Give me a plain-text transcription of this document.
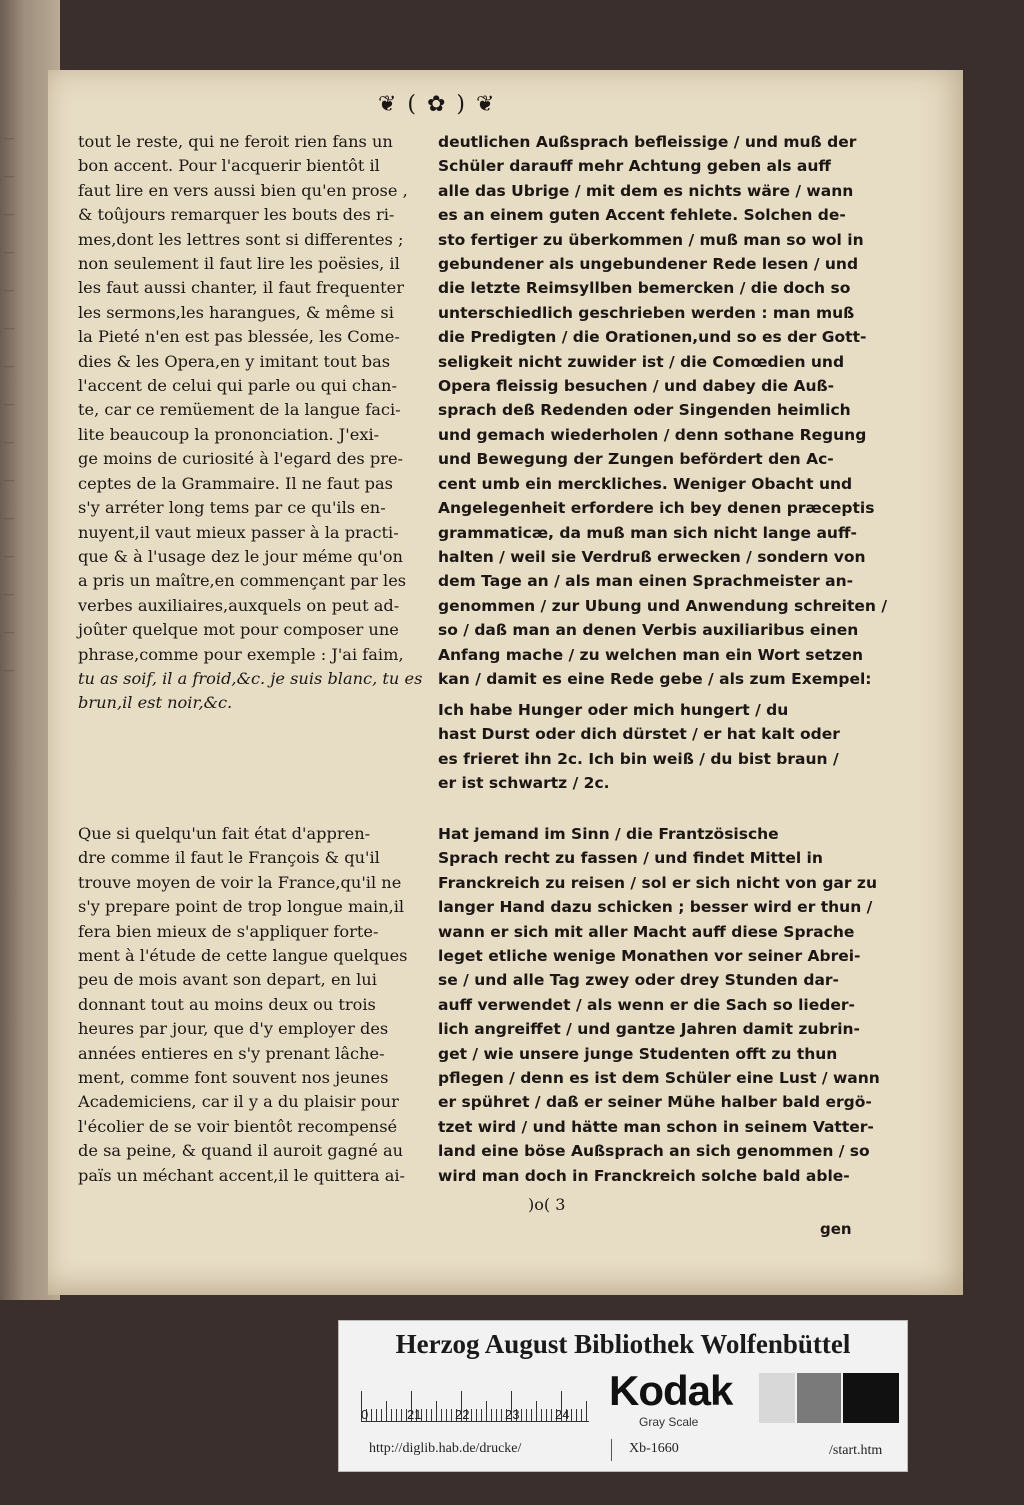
—
—
—
—
—
—
—
—
—
—
—
—
—
—
—
❦ ( ✿ ) ❦

tout le reste, qui ne feroit rien fans un

bon accent. Pour l'acquerir bientôt il

faut lire en vers aussi bien qu'en prose ,

& toûjours remarquer les bouts des ri-

mes,dont les lettres sont si differentes ;

non seulement il faut lire les poësies, il

les faut aussi chanter, il faut frequenter

les sermons,les harangues, & même si

la Pieté n'en est pas blessée, les Come-

dies & les Opera,en y imitant tout bas

l'accent de celui qui parle ou qui chan-

te, car ce remüement de la langue faci-

lite beaucoup la prononciation. J'exi-

ge moins de curiosité à l'egard des pre-

ceptes de la Grammaire. Il ne faut pas

s'y arréter long tems par ce qu'ils en-

nuyent,il vaut mieux passer à la practi-

que & à l'usage dez le jour méme qu'on

a pris un maître,en commençant par les

verbes auxiliaires,auxquels on peut ad-

joûter quelque mot pour composer une

phrase,comme pour exemple : J'ai faim,

tu as soif, il a froid,&c. je suis blanc, tu es

brun,il est noir,&c.

Que si quelqu'un fait état d'appren-

dre comme il faut le François & qu'il

trouve moyen de voir la France,qu'il ne

s'y prepare point de trop longue main,il

fera bien mieux de s'appliquer forte-

ment à l'étude de cette langue quelques

peu de mois avant son depart, en lui

donnant tout au moins deux ou trois

heures par jour, que d'y employer des

années entieres en s'y prenant lâche-

ment, comme font souvent nos jeunes

Academiciens, car il y a du plaisir pour

l'écolier de se voir bientôt recompensé

de sa peine, & quand il auroit gagné au

païs un méchant accent,il le quittera ai-

deutlichen Außsprach befleissige / und muß der

Schüler darauff mehr Achtung geben als auff

alle das Ubrige / mit dem es nichts wäre / wann

es an einem guten Accent fehlete. Solchen de-

sto fertiger zu überkommen / muß man so wol in

gebundener als ungebundener Rede lesen / und

die letzte Reimsyllben bemercken / die doch so

unterschiedlich geschrieben werden : man muß

die Predigten / die Orationen,und so es der Gott-

seligkeit nicht zuwider ist / die Comœdien und

Opera fleissig besuchen / und dabey die Auß-

sprach deß Redenden oder Singenden heimlich

und gemach wiederholen / denn sothane Regung

und Bewegung der Zungen befördert den Ac-

cent umb ein merckliches. Weniger Obacht und

Angelegenheit erfordere ich bey denen præceptis

grammaticæ, da muß man sich nicht lange auff-

halten / weil sie Verdruß erwecken / sondern von

dem Tage an / als man einen Sprachmeister an-

genommen / zur Ubung und Anwendung schreiten /

so / daß man an denen Verbis auxiliaribus einen

Anfang mache / zu welchen man ein Wort setzen

kan / damit es eine Rede gebe / als zum Exempel:

Ich habe Hunger oder mich hungert / du

hast Durst oder dich dürstet / er hat kalt oder

es frieret ihn 2c. Ich bin weiß / du bist braun /

er ist schwartz / 2c.

Hat jemand im Sinn / die Frantzösische

Sprach recht zu fassen / und findet Mittel in

Franckreich zu reisen / sol er sich nicht von gar zu

langer Hand dazu schicken ; besser wird er thun /

wann er sich mit aller Macht auff diese Sprache

leget etliche wenige Monathen vor seiner Abrei-

se / und alle Tag zwey oder drey Stunden dar-

auff verwendet / als wenn er die Sach so lieder-

lich angreiffet / und gantze Jahren damit zubrin-

get / wie unsere junge Studenten offt zu thun

pflegen / denn es ist dem Schüler eine Lust / wann

er spühret / daß er seiner Mühe halber bald ergö-

tzet wird / und hätte man schon in seinem Vatter-

land eine böse Außsprach an sich genommen / so

wird man doch in Franckreich solche bald able-

)o( 3
gen
Herzog August Bibliothek Wolfenbüttel
0	21	22	23	24
Kodak
Gray Scale
http://diglib.hab.de/drucke/	Xb-1660	/start.htm
